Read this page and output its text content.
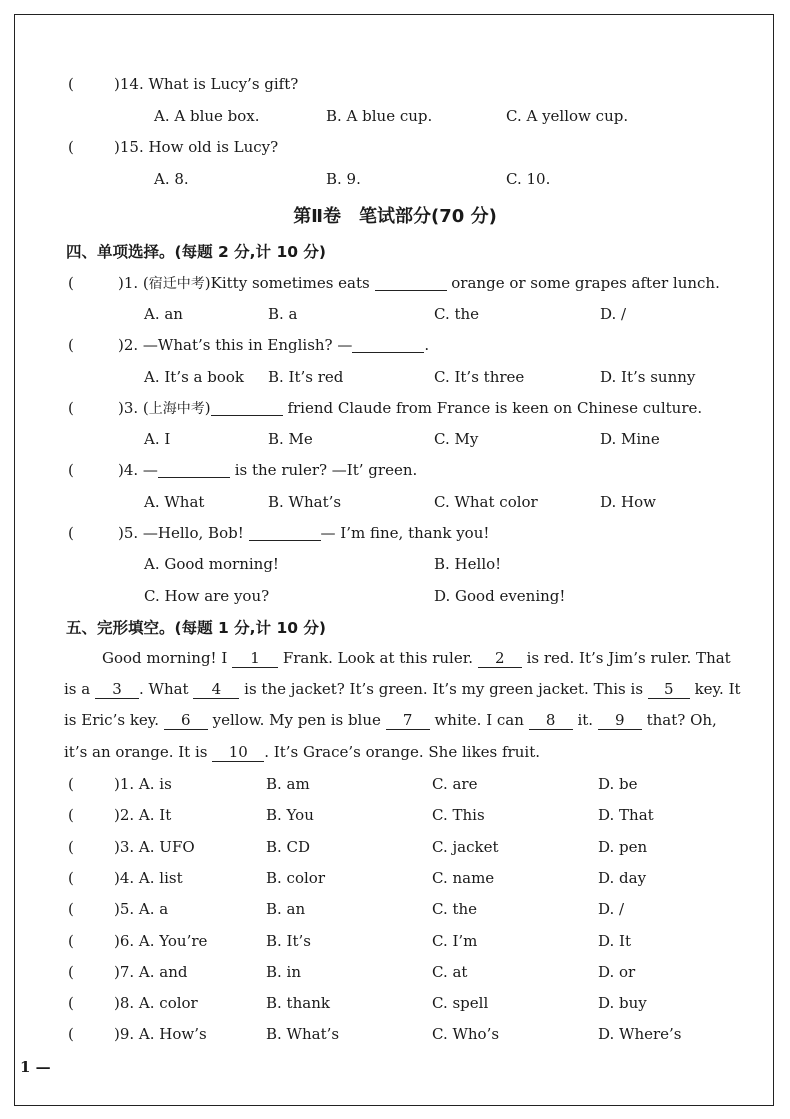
(	)14. What is Lucy’s gift?
A. A blue box.	B. A blue cup.	C. A yellow cup.
(	)15. How old is Lucy?
A. 8.	B. 9.	C. 10.
第Ⅱ卷　笔试部分(70 分)
四、单项选择。(每题 2 分,计 10 分)
(	)1. (宿迁中考)Kitty sometimes eats	orange or some grapes after lunch.
A. an	B. a	C. the	D. /
(	)2. —What’s this in English? —	.
A. It’s a book B. It’s red	C. It’s three	D. It’s sunny
(	)3. (上海中考)	friend Claude from France is keen on Chinese culture.
A. I	B. Me	C. My	D. Mine
(	)4. —	is the ruler? —It’ green.
A. What	B. What’s	C. What color	D. How
(	)5. —Hello, Bob!	— I’m fine, thank you!
A. Good morning!	B. Hello!
C. How are you?	D. Good evening!
五、完形填空。(每题 1 分,计 10 分)
Good morning! I 1 Frank. Look at this ruler. 2 is red. It’s Jim’s ruler. That
is a 3 . What 4 is the jacket? It’s green. It’s my green jacket. This is 5 key. It
is Eric’s key. 6 yellow. My pen is blue 7 white. I can 8 it. 9 that? Oh,
it’s an orange. It is 10 . It’s Grace’s orange. She likes fruit.
(	)1. A. is	B. am	C. are	D. be
(	)2. A. It	B. You	C. This	D. That
(	)3. A. UFO	B. CD	C. jacket	D. pen
(	)4. A. list	B. color	C. name	D. day
(	)5. A. a	B. an	C. the	D. /
(	)6. A. You’re	B. It’s	C. I’m	D. It
(	)7. A. and	B. in	C. at	D. or
(	)8. A. color	B. thank	C. spell	D. buy
(	)9. A. How’s	B. What’s	C. Who’s	D. Where’s
1 —
